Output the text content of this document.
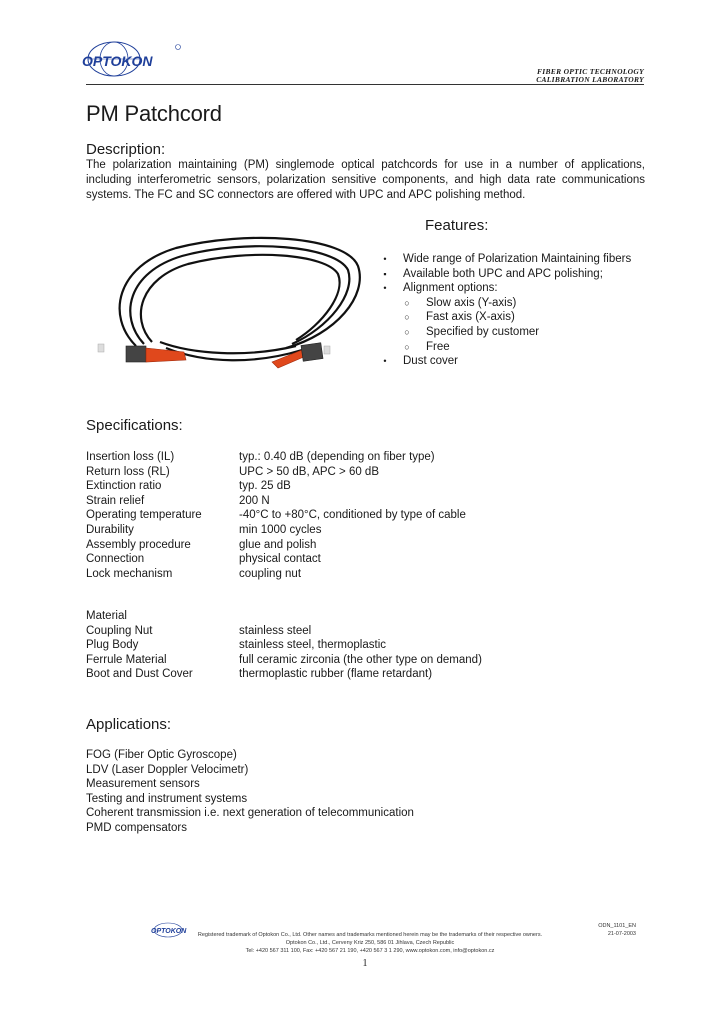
OPTOKON
FIBER OPTIC TECHNOLOGY
CALIBRATION LABORATORY
PM Patchcord
Description:
The polarization maintaining (PM) singlemode optical patchcords for use in a number of applications, including interferometric sensors, polarization sensitive components, and high data rate communications systems. The FC and SC connectors are offered with UPC and APC polishing method.
Features:
• Wide range of Polarization Maintaining fibers
▪ Available both UPC and APC polishing;
• Alignment options:
○ Slow axis (Y-axis)
○ Fast axis (X-axis)
○ Specified by customer
○ Free
• Dust cover
Specifications:
Insertion loss (IL)	typ.: 0.40 dB (depending on fiber type)
Return loss (RL)	UPC > 50 dB, APC > 60 dB
Extinction ratio	typ. 25 dB
Strain relief	200 N
Operating temperature	-40°C to +80°C, conditioned by type of cable
Durability	min 1000 cycles
Assembly procedure	glue and polish
Connection	physical contact
Lock mechanism	coupling nut
Material
Coupling Nut	stainless steel
Plug Body	stainless steel, thermoplastic
Ferrule Material	full ceramic zirconia (the other type on demand)
Boot and Dust Cover	thermoplastic rubber (flame retardant)
Applications:
FOG (Fiber Optic Gyroscope)
LDV (Laser Doppler Velocimetr)
Measurement sensors
Testing and instrument systems
Coherent transmission i.e. next generation of telecommunication
PMD compensators
OPTOKON	Registered trademark of Optokon Co., Ltd. Other names and trademarks mentioned herein may be the trademarks of their respective owners.
Optokon Co., Ltd., Cerveny Kriz 250, 586 01 Jihlava, Czech Republic
Tel: +420 567 311 100, Fax: +420 567 21 190, +420 567 3 1 290, www.optokon.com, info@optokon.cz
ODN_1101_EN
21-07-2003
1
